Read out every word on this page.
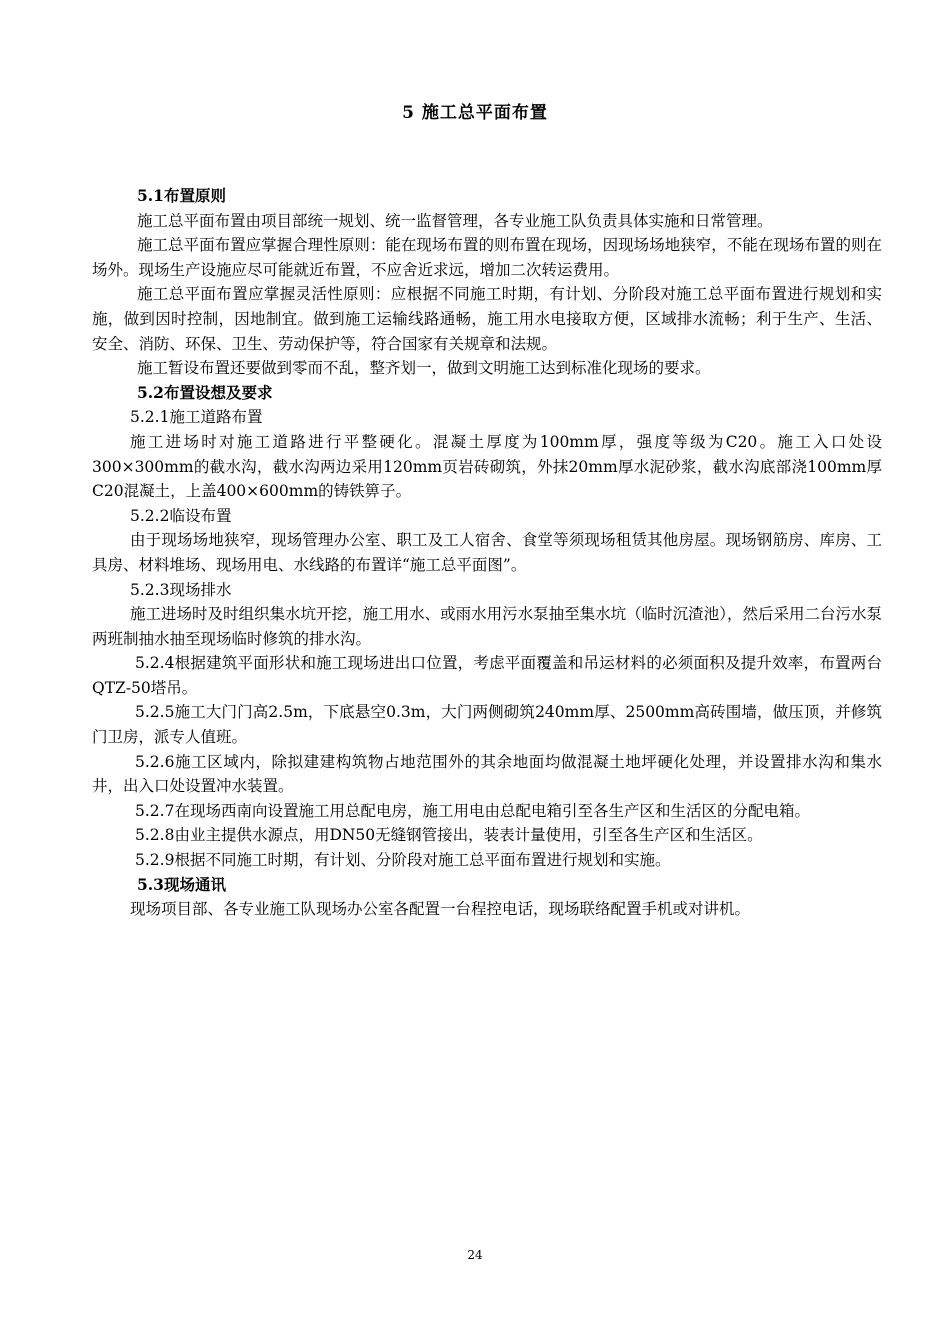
5 施工总平面布置

5.1布置原则

施工总平面布置由项目部统一规划、统一监督管理，各专业施工队负责具体实施和日常管理。

施工总平面布置应掌握合理性原则：能在现场布置的则布置在现场，因现场场地狭窄，不能在现场布置的则在场外。现场生产设施应尽可能就近布置，不应舍近求远，增加二次转运费用。

施工总平面布置应掌握灵活性原则：应根据不同施工时期，有计划、分阶段对施工总平面布置进行规划和实施，做到因时控制，因地制宜。做到施工运输线路通畅，施工用水电接取方便，区域排水流畅；利于生产、生活、安全、消防、环保、卫生、劳动保护等，符合国家有关规章和法规。

施工暂设布置还要做到零而不乱，整齐划一，做到文明施工达到标准化现场的要求。

5.2布置设想及要求

5.2.1施工道路布置

施工进场时对施工道路进行平整硬化。混凝土厚度为100mm厚，强度等级为C20。施工入口处设300×300mm的截水沟，截水沟两边采用120mm页岩砖砌筑，外抹20mm厚水泥砂浆，截水沟底部浇100mm厚C20混凝土，上盖400×600mm的铸铁箅子。

5.2.2临设布置

由于现场场地狭窄，现场管理办公室、职工及工人宿舍、食堂等须现场租赁其他房屋。现场钢筋房、库房、工具房、材料堆场、现场用电、水线路的布置详“施工总平面图”。

5.2.3现场排水

施工进场时及时组织集水坑开挖，施工用水、或雨水用污水泵抽至集水坑（临时沉渣池），然后采用二台污水泵两班制抽水抽至现场临时修筑的排水沟。

5.2.4根据建筑平面形状和施工现场进出口位置，考虑平面覆盖和吊运材料的必须面积及提升效率，布置两台QTZ-50塔吊。

5.2.5施工大门门高2.5m，下底悬空0.3m，大门两侧砌筑240mm厚、2500mm高砖围墙，做压顶，并修筑门卫房，派专人值班。

5.2.6施工区域内，除拟建建构筑物占地范围外的其余地面均做混凝土地坪硬化处理，并设置排水沟和集水井，出入口处设置冲水装置。

5.2.7在现场西南向设置施工用总配电房，施工用电由总配电箱引至各生产区和生活区的分配电箱。

5.2.8由业主提供水源点，用DN50无缝钢管接出，装表计量使用，引至各生产区和生活区。

5.2.9根据不同施工时期，有计划、分阶段对施工总平面布置进行规划和实施。

5.3现场通讯

现场项目部、各专业施工队现场办公室各配置一台程控电话，现场联络配置手机或对讲机。

24
